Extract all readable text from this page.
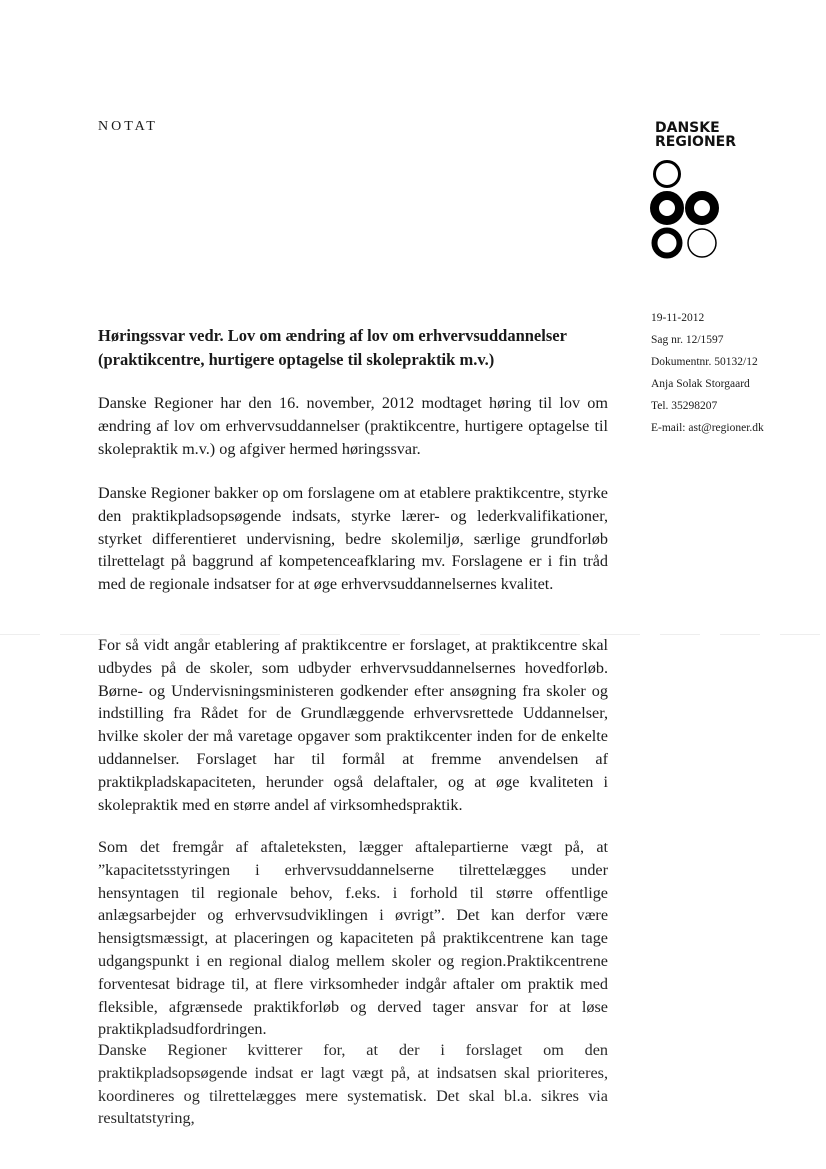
NOTAT	DANSKE
REGIONER
19-11-2012
Sag nr. 12/1597
Dokumentnr. 50132/12
Anja Solak Storgaard
Tel. 35298207
E-mail: ast@regioner.dk
Høringssvar vedr. Lov om ændring af lov om erhvervsuddannelser (praktikcentre, hurtigere optagelse til skolepraktik m.v.)
Danske Regioner har den 16. november, 2012 modtaget høring til lov om ændring af lov om erhvervsuddannelser (praktikcentre, hurtigere optagelse til skolepraktik m.v.) og afgiver hermed høringssvar.
Danske Regioner bakker op om forslagene om at etablere praktikcentre, styrke den praktikpladsopsøgende indsats, styrke lærer- og lederkvalifikationer, styrket differentieret undervisning, bedre skolemiljø, særlige grundforløb tilrettelagt på baggrund af kompetenceafklaring mv. Forslagene er i fin tråd med de regionale indsatser for at øge erhvervsuddannelsernes kvalitet.
For så vidt angår etablering af praktikcentre er forslaget, at praktikcentre skal udbydes på de skoler, som udbyder erhvervsuddannelsernes hovedforløb. Børne- og Undervisningsministeren godkender efter ansøgning fra skoler og indstilling fra Rådet for de Grundlæggende erhvervsrettede Uddannelser, hvilke skoler der må varetage opgaver som praktikcenter inden for de enkelte uddannelser. Forslaget har til formål at fremme anvendelsen af praktikpladskapaciteten, herunder også delaftaler, og at øge kvaliteten i skolepraktik med en større andel af virksomhedspraktik.
Som det fremgår af aftaleteksten, lægger aftalepartierne vægt på, at ”kapacitetsstyringen i erhvervsuddannelserne tilrettelægges under hensyntagen til regionale behov, f.eks. i forhold til større offentlige anlægsarbejder og erhvervsudviklingen i øvrigt”. Det kan derfor være hensigtsmæssigt, at placeringen og kapaciteten på praktikcentrene kan tage udgangspunkt i en regional dialog mellem skoler og region.Praktikcentrene forventesat bidrage til, at flere virksomheder indgår aftaler om praktik med fleksible, afgrænsede praktikforløb og derved tager ansvar for at løse praktikpladsudfordringen.
Danske Regioner kvitterer for, at der i forslaget om den praktikpladsopsøgende indsat er lagt vægt på, at indsatsen skal prioriteres, koordineres og tilrettelægges mere systematisk. Det skal bl.a. sikres via resultatstyring,
